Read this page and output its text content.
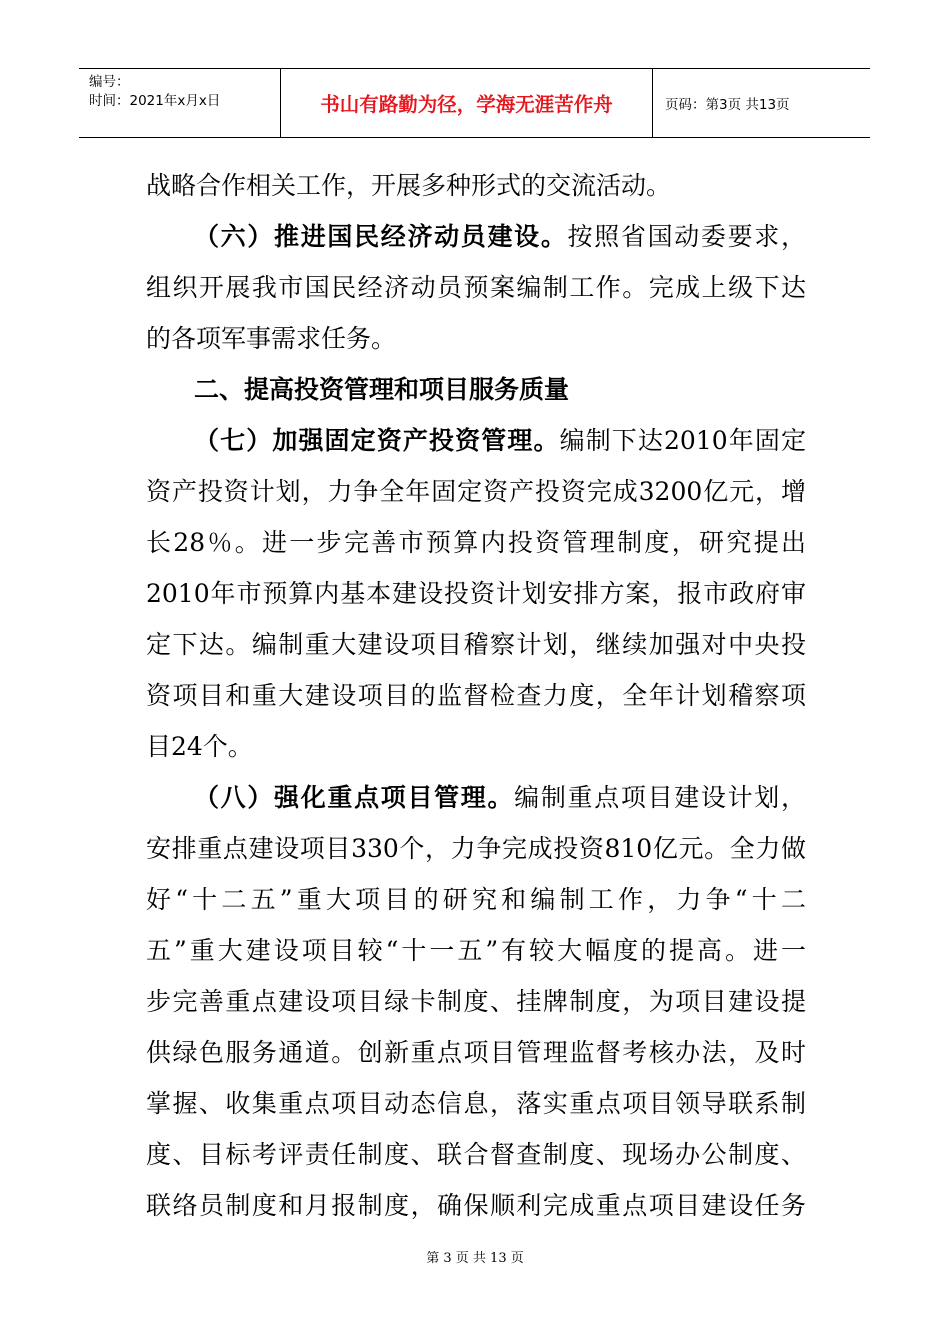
编号：
时间：2021年x月x日	书山有路勤为径，学海无涯苦作舟	页码：第3页 共13页
战略合作相关工作，开展多种形式的交流活动。
（六）推进国民经济动员建设。按照省国动委要求，
组织开展我市国民经济动员预案编制工作。完成上级下达
的各项军事需求任务。
二、提高投资管理和项目服务质量
（七）加强固定资产投资管理。编制下达2010年固定
资产投资计划，力争全年固定资产投资完成3200亿元，增
长28％。进一步完善市预算内投资管理制度，研究提出
2010年市预算内基本建设投资计划安排方案，报市政府审
定下达。编制重大建设项目稽察计划，继续加强对中央投
资项目和重大建设项目的监督检查力度，全年计划稽察项
目24个。
（八）强化重点项目管理。编制重点项目建设计划，
安排重点建设项目330个，力争完成投资810亿元。全力做
好“十二五”重大项目的研究和编制工作，力争“十二
五”重大建设项目较“十一五”有较大幅度的提高。进一
步完善重点建设项目绿卡制度、挂牌制度，为项目建设提
供绿色服务通道。创新重点项目管理监督考核办法，及时
掌握、收集重点项目动态信息，落实重点项目领导联系制
度、目标考评责任制度、联合督查制度、现场办公制度、
联络员制度和月报制度，确保顺利完成重点项目建设任务
第 3 页 共 13 页
